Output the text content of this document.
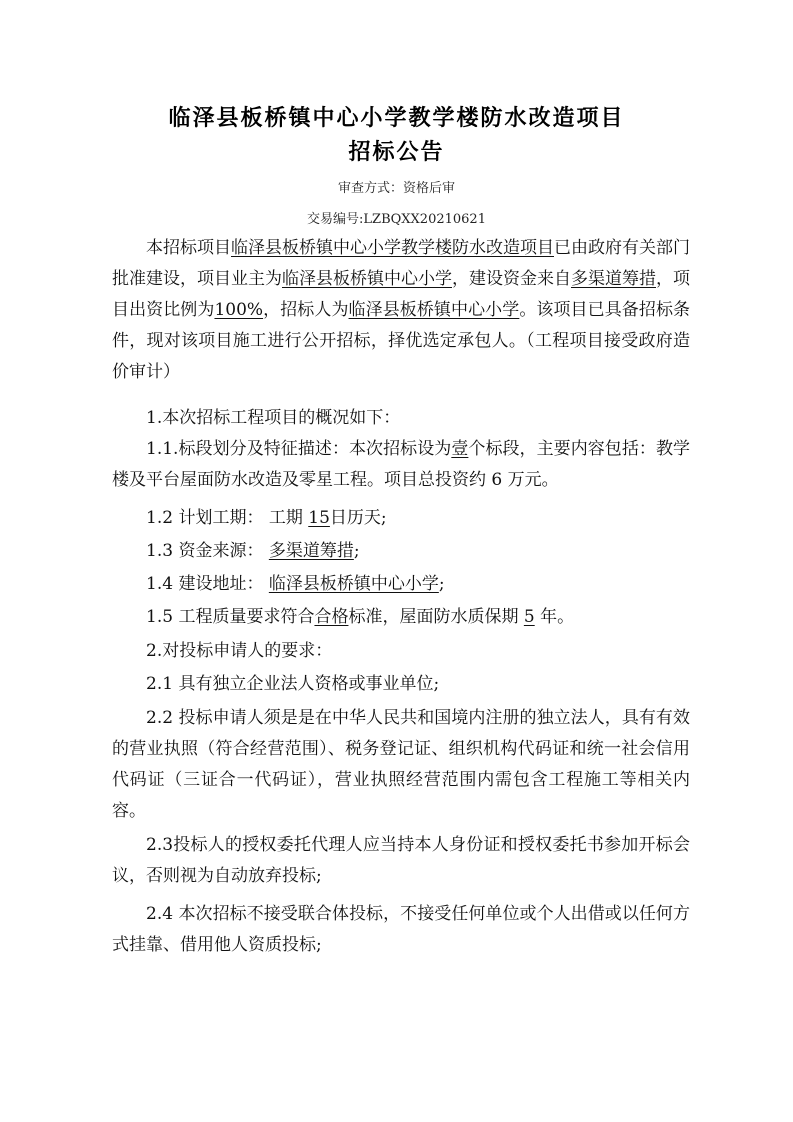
临泽县板桥镇中心小学教学楼防水改造项目
招标公告
审查方式：资格后审
交易编号:LZBQXX20210621

本招标项目临泽县板桥镇中心小学教学楼防水改造项目已由政府有关部门批准建设，项目业主为临泽县板桥镇中心小学，建设资金来自多渠道筹措，项目出资比例为100%，招标人为临泽县板桥镇中心小学。该项目已具备招标条件，现对该项目施工进行公开招标，择优选定承包人。（工程项目接受政府造价审计）

1.本次招标工程项目的概况如下：

1.1.标段划分及特征描述：本次招标设为壹个标段，主要内容包括：教学楼及平台屋面防水改造及零星工程。项目总投资约 6 万元。

1.2 计划工期： 工期 15日历天;
1.3 资金来源： 多渠道筹措;
1.4 建设地址： 临泽县板桥镇中心小学;
1.5 工程质量要求符合合格标准，屋面防水质保期 5 年。
2.对投标申请人的要求：
2.1 具有独立企业法人资格或事业单位;

2.2 投标申请人须是是在中华人民共和国境内注册的独立法人，具有有效的营业执照（符合经营范围）、税务登记证、组织机构代码证和统一社会信用代码证（三证合一代码证），营业执照经营范围内需包含工程施工等相关内容。

2.3投标人的授权委托代理人应当持本人身份证和授权委托书参加开标会议，否则视为自动放弃投标;

2.4 本次招标不接受联合体投标，不接受任何单位或个人出借或以任何方式挂靠、借用他人资质投标;
